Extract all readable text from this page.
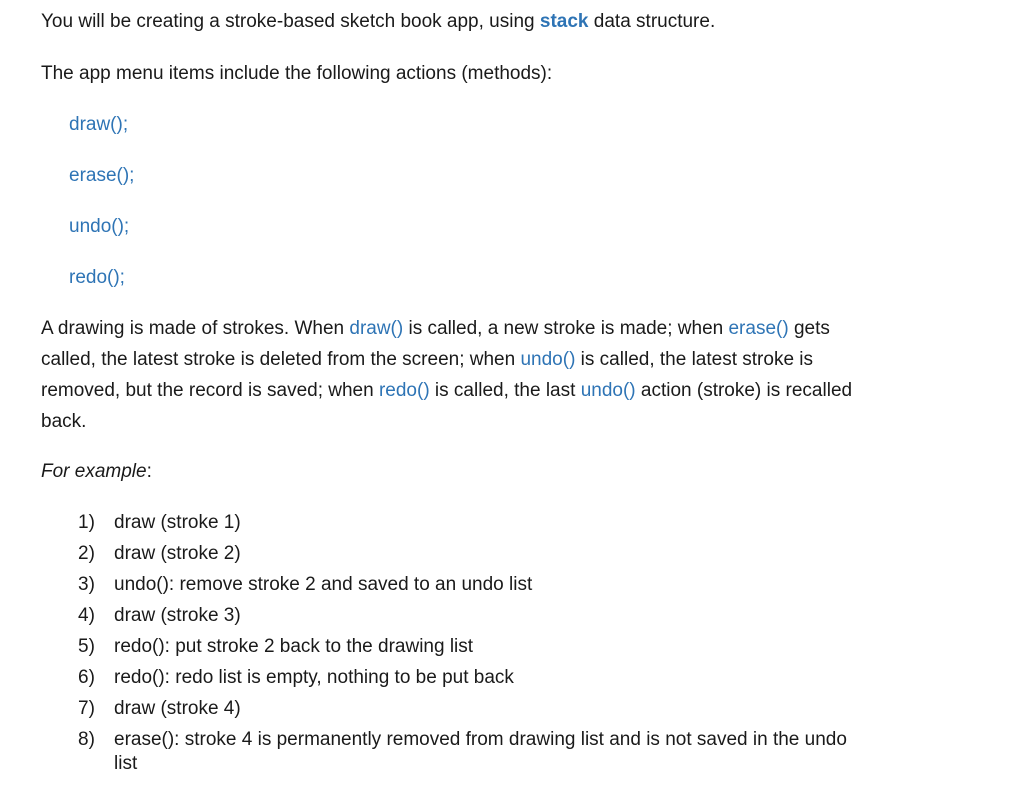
You will be creating a stroke-based sketch book app, using stack data structure.
The app menu items include the following actions (methods):
draw();
erase();
undo();
redo();
A drawing is made of strokes. When draw() is called, a new stroke is made; when erase() gets
called, the latest stroke is deleted from the screen; when undo() is called, the latest stroke is
removed, but the record is saved; when redo() is called, the last undo() action (stroke) is recalled
back.
For example:
1) draw (stroke 1)
2) draw (stroke 2)
3) undo(): remove stroke 2 and saved to an undo list
4) draw (stroke 3)
5) redo(): put stroke 2 back to the drawing list
6) redo(): redo list is empty, nothing to be put back
7) draw (stroke 4)
8) erase(): stroke 4 is permanently removed from drawing list and is not saved in the undo
list
